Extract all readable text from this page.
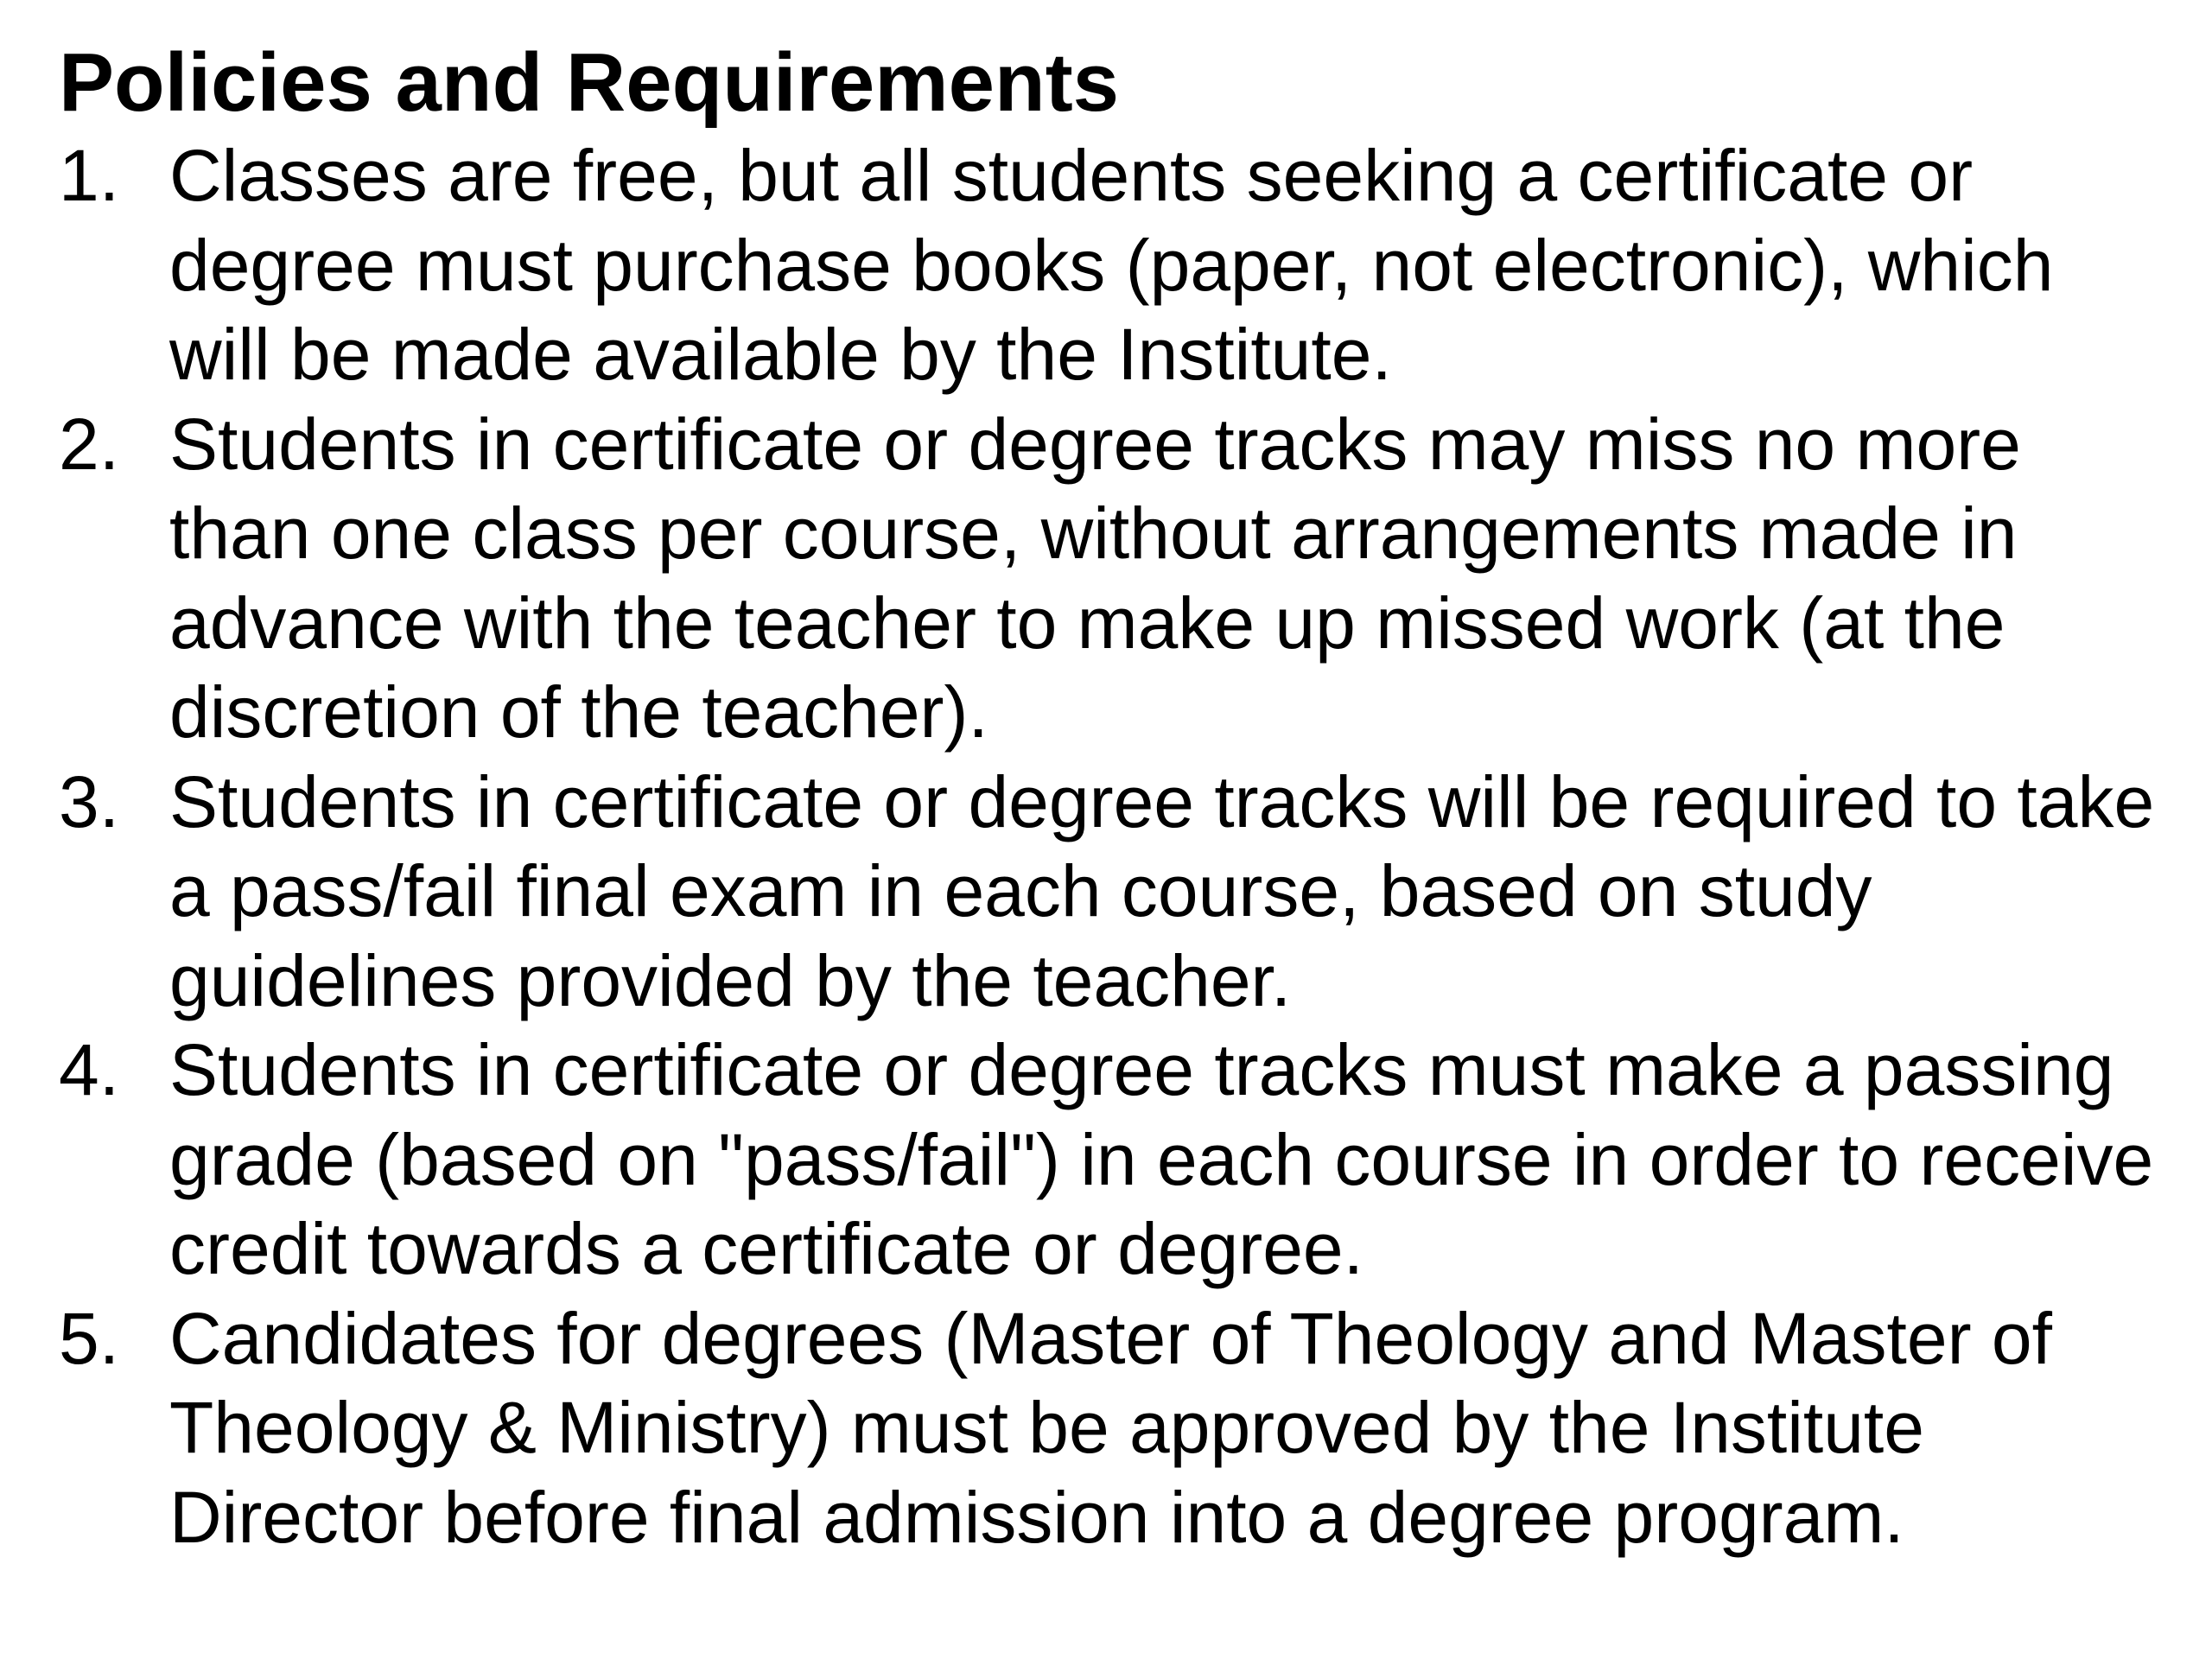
Policies and Requirements
1. Classes are free, but all students seeking a certificate or degree must purchase books (paper, not electronic), which will be made available by the Institute.
2. Students in certificate or degree tracks may miss no more than one class per course, without arrangements made in advance with the teacher to make up missed work (at the discretion of the teacher).
3. Students in certificate or degree tracks will be required to take a pass/fail final exam in each course, based on study guidelines provided by the teacher.
4. Students in certificate or degree tracks must make a passing grade (based on "pass/fail") in each course in order to receive credit towards a certificate or degree.
5. Candidates for degrees (Master of Theology and Master of Theology & Ministry) must be approved by the Institute Director before final admission into a degree program.
